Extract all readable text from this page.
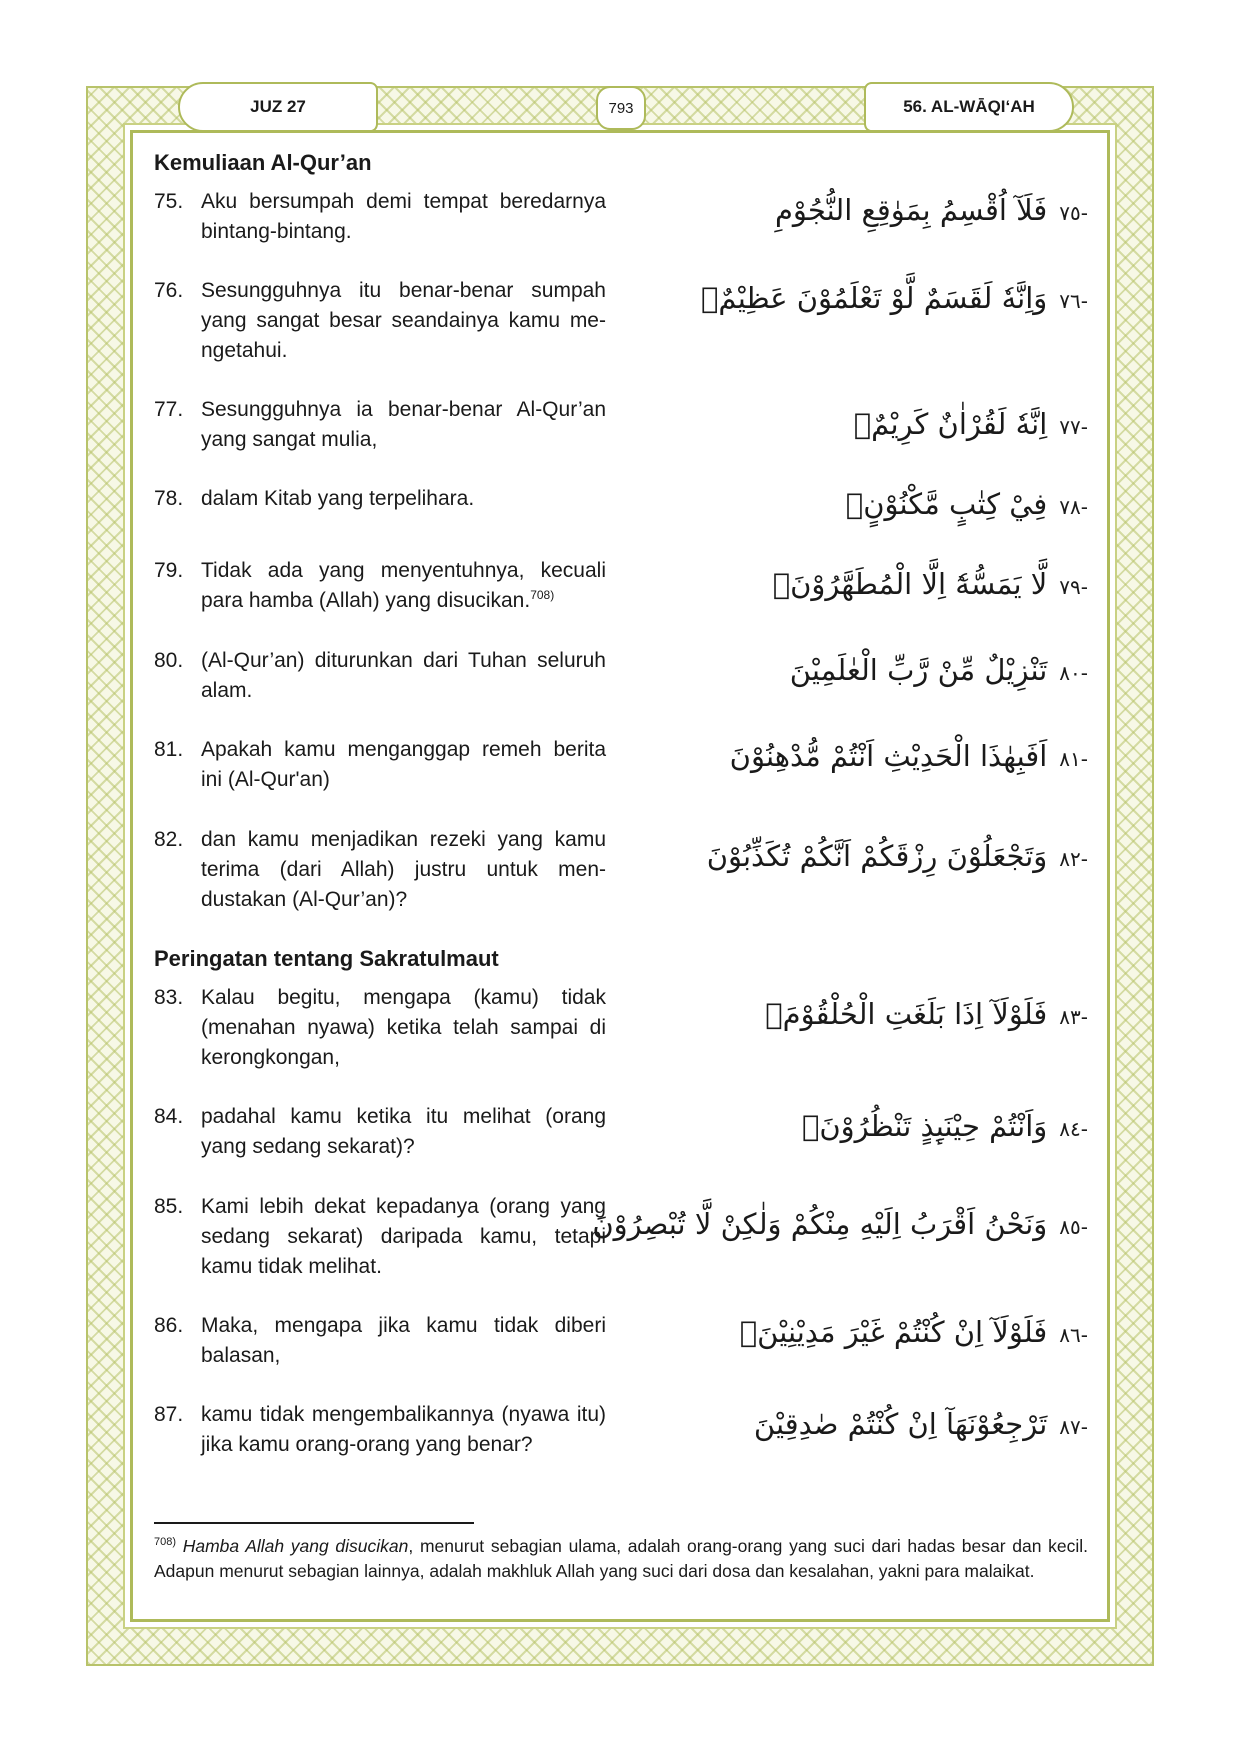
JUZ 27	793	56. AL-WĀQI‘AH
Kemuliaan Al-Qur’an
75. Aku bersumpah demi tempat beredarnya bintang-bintang.
-٧٥فَلَآ اُقْسِمُ بِمَوٰقِعِ النُّجُوْمِ
76. Sesungguhnya itu benar-benar sumpah yang sangat besar seandainya kamu mengetahui.
-٧٦وَاِنَّهٗ لَقَسَمٌ لَّوْ تَعْلَمُوْنَ عَظِيْمٌۙ
77. Sesungguhnya ia benar-benar Al-Qur’an yang sangat mulia,
-٧٧اِنَّهٗ لَقُرْاٰنٌ كَرِيْمٌۙ
78. dalam Kitab yang terpelihara.	-٧٨فِيْ كِتٰبٍ مَّكْنُوْنٍۙ
79. Tidak ada yang menyentuhnya, kecuali para hamba (Allah) yang disucikan.$^{708)}$	-٧٩لَّا يَمَسُّهٗٓ اِلَّا الْمُطَهَّرُوْنَۙ
80. (Al-Qur’an) diturunkan dari Tuhan seluruh alam.
-٨٠تَنْزِيْلٌ مِّنْ رَّبِّ الْعٰلَمِيْنَ
81. Apakah kamu menganggap remeh berita ini (Al-Qur'an)
-٨١اَفَبِهٰذَا الْحَدِيْثِ اَنْتُمْ مُّدْهِنُوْنَ
82. dan kamu menjadikan rezeki yang kamu terima (dari Allah) justru untuk mendustakan (Al-Qur’an)?
-٨٢وَتَجْعَلُوْنَ رِزْقَكُمْ اَنَّكُمْ تُكَذِّبُوْنَ
Peringatan tentang Sakratulmaut
83. Kalau begitu, mengapa (kamu) tidak (menahan nyawa) ketika telah sampai di kerongkongan,
-٨٣فَلَوْلَآ اِذَا بَلَغَتِ الْحُلْقُوْمَۙ
84. padahal kamu ketika itu melihat (orang yang sedang sekarat)?
-٨٤وَاَنْتُمْ حِيْنَىِٕذٍ تَنْظُرُوْنَۙ
85. Kami lebih dekat kepadanya (orang yang sedang sekarat) daripada kamu, tetapi kamu tidak melihat.
-٨٥وَنَحْنُ اَقْرَبُ اِلَيْهِ مِنْكُمْ وَلٰكِنْ لَّا تُبْصِرُوْنَ
86. Maka, mengapa jika kamu tidak diberi balasan,
-٨٦فَلَوْلَآ اِنْ كُنْتُمْ غَيْرَ مَدِيْنِيْنَۙ
87. kamu tidak mengembalikannya (nyawa itu) jika kamu orang-orang yang benar?
-٨٧تَرْجِعُوْنَهَآ اِنْ كُنْتُمْ صٰدِقِيْنَ
$^{708)}$ Hamba Allah yang disucikan, menurut sebagian ulama, adalah orang-orang yang suci dari hadas besar dan kecil. Adapun menurut sebagian lainnya, adalah makhluk Allah yang suci dari dosa dan kesalahan, yakni para malaikat.
